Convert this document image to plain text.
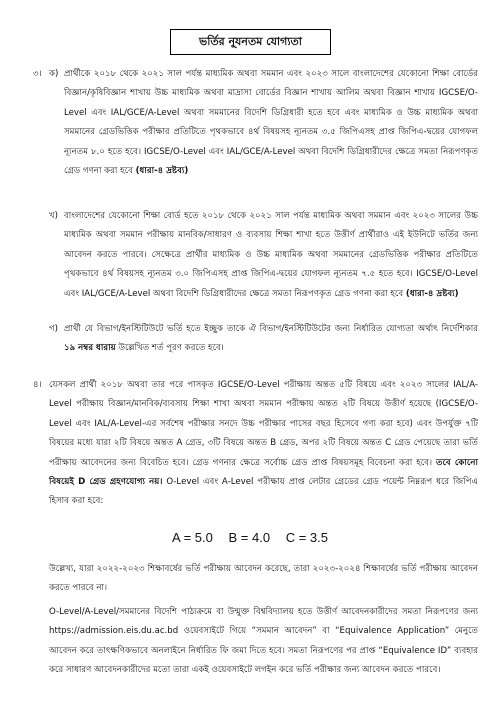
ভর্তির নূ্যনতম যোগ্যতা
৩। ক) প্রার্থীকে ২০১৮ থেকে ২০২১ সাল পর্যন্ত মাধ্যমিক অথবা সমমান এবং ২০২৩ সালে বাংলাদেশের যেকোনো শিক্ষা বোর্ডের বিজ্ঞান/কৃষিবিজ্ঞান শাখায় উচ্চ মাধ্যমিক অথবা মাদ্রাসা বোর্ডের বিজ্ঞান শাখায় আলিম অথবা বিজ্ঞান শাখায় IGCSE/O-Level এবং IAL/GCE/A-Level অথবা সমমানের বিদেশি ডিগ্রিধারী হতে হবে এবং মাধ্যমিক ও উচ্চ মাধ্যমিক অথবা সমমানের গ্রেডভিত্তিক পরীক্ষার প্রতিটিতে পৃথকভাবে ৪র্থ বিষয়সহ ন্যূনতম ৩.৫ জিপিএসহ প্রাপ্ত জিপিএ-দ্বয়ের যোগফল ন্যূনতম ৮.০ হতে হবে। IGCSE/O-Level এবং IAL/GCE/A-Level অথবা বিদেশি ডিগ্রিধারীদের ক্ষেত্রে সমতা নিরূপণকৃত গ্রেড গণনা করা হবে (ধারা-৪ দ্রষ্টব্য)
খ) বাংলাদেশের যেকোনো শিক্ষা বোর্ড হতে ২০১৮ থেকে ২০২১ সাল পর্যন্ত মাধ্যমিক অথবা সমমান এবং ২০২৩ সালের উচ্চ মাধ্যমিক অথবা সমমান পরীক্ষায় মানবিক/সাধারণ ও ব্যবসায় শিক্ষা শাখা হতে উত্তীর্ণ প্রার্থীরাও এই ইউনিটে ভর্তির জন্য আবেদন করতে পারবে। সেক্ষেত্রে প্রার্থীর মাধ্যমিক ও উচ্চ মাধ্যমিক অথবা সমমানের গ্রেডভিত্তিক পরীক্ষার প্রতিটিতে পৃথকভাবে ৪র্থ বিষয়সহ ন্যূনতম ৩.০ জিপিএসহ প্রাপ্ত জিপিএ-দ্বয়ের যোগফল ন্যূনতম ৭.৫ হতে হবে। IGCSE/O-Level এবং IAL/GCE/A-Level অথবা বিদেশি ডিগ্রিধারীদের ক্ষেত্রে সমতা নিরূপণকৃত গ্রেড গণনা করা হবে (ধারা-৪ দ্রষ্টব্য)
গ) প্রার্থী যে বিভাগ/ইনস্টিটিউটে ভর্তি হতে ইচ্ছুক তাকে ঐ বিভাগ/ইনস্টিটিউটের জন্য নির্ধারিত যোগ্যতা অর্থাৎ নির্দেশিকার ১৯ নম্বর ধারায় উল্লেখিত শর্ত পূরণ করতে হবে।
৪। যেসকল প্রার্থী ২০১৮ অথবা তার পরে পাসকৃত IGCSE/O-Level পরীক্ষায় অন্তত ৫টি বিষয়ে এবং ২০২৩ সালের IAL/A-Level পরীক্ষায় বিজ্ঞান/মানবিক/ব্যবসায় শিক্ষা শাখা অথবা সমমান পরীক্ষায় অন্তত ২টি বিষয়ে উত্তীর্ণ হয়েছে (IGCSE/O-Level এবং IAL/A-Level-এর সর্বশেষ পরীক্ষার সনদে উচ্চ পরীক্ষার পাসের বছর হিসেবে গণ্য করা হবে) এবং উপর্যুক্ত ৭টি বিষয়ের মধ্যে যারা ২টি বিষয়ে অন্তত A গ্রেড, ৩টি বিষয়ে অন্তত B গ্রেড, অপর ২টি বিষয়ে অন্তত C গ্রেড পেয়েছে তারা ভর্তি পরীক্ষায় আবেদনের জন্য বিবেচিত হবে। গ্রেড গণনার ক্ষেত্রে সর্বোচ্চ গ্রেড প্রাপ্ত বিষয়সমূহ বিবেচনা করা হবে। তবে কোনো বিষয়েই D গ্রেড গ্রহণযোগ্য নয়। O-Level এবং A-Level পরীক্ষায় প্রাপ্ত লেটার গ্রেডের গ্রেড পয়েন্ট নিম্নরূপ ধরে জিপিএ হিসাব করা হবে:
A = 5.0 B = 4.0 C = 3.5
উল্লেখ্য, যারা ২০২২-২০২৩ শিক্ষাবর্ষের ভর্তি পরীক্ষায় আবেদন করেছে, তারা ২০২৩-২০২৪ শিক্ষাবর্ষের ভর্তি পরীক্ষায় আবেদন করতে পারবে না।
O-Level/A-Level/সমমানের বিদেশি পাঠ্যক্রমে বা উন্মুক্ত বিশ্ববিদ্যালয় হতে উত্তীর্ণ আবেদনকারীদের সমতা নিরূপণের জন্য https://admission.eis.du.ac.bd ওয়েবসাইটে গিয়ে “সমমান আবেদন” বা “Equivalence Application” মেনুতে আবেদন করে তাৎক্ষণিকভাবে অনলাইনে নির্ধারিত ফি জমা দিতে হবে। সমতা নিরূপণের পর প্রাপ্ত “Equivalence ID” ব্যবহার করে সাধারণ আবেদনকারীদের মতো তারা একই ওয়েবসাইটে লগইন করে ভর্তি পরীক্ষার জন্য আবেদন করতে পারবে।
